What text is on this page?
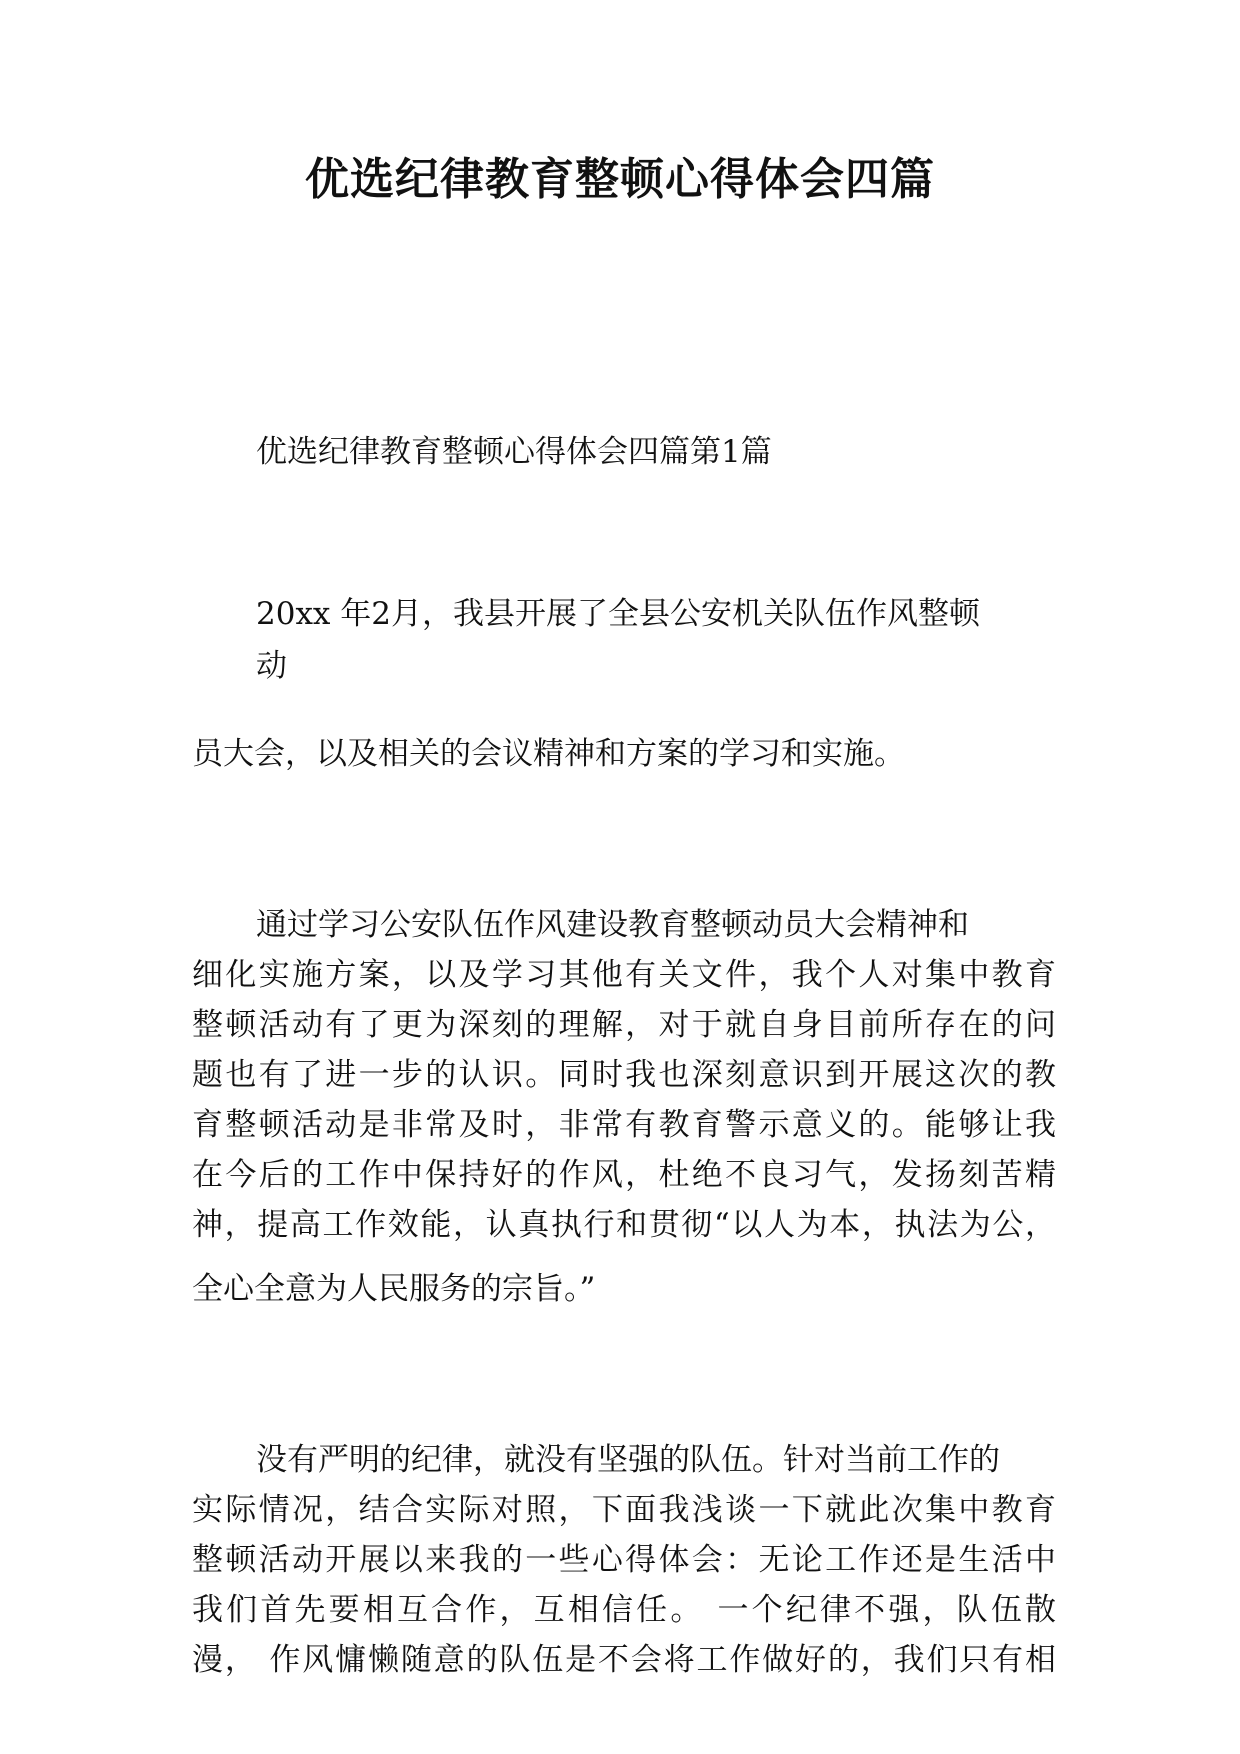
优选纪律教育整顿心得体会四篇

优选纪律教育整顿心得体会四篇第1篇

20xx 年2月，我县开展了全县公安机关队伍作风整顿

动

员大会，以及相关的会议精神和方案的学习和实施。

通过学习公安队伍作风建设教育整顿动员大会精神和

细化实施方案，以及学习其他有关文件，我个人对集中教育

整顿活动有了更为深刻的理解，对于就自身目前所存在的问

题也有了进一步的认识。同时我也深刻意识到开展这次的教

育整顿活动是非常及时，非常有教育警示意义的。能够让我

在今后的工作中保持好的作风，杜绝不良习气，发扬刻苦精

神，提高工作效能，认真执行和贯彻“以人为本，执法为公，

全心全意为人民服务的宗旨。”

没有严明的纪律，就没有坚强的队伍。针对当前工作的

实际情况，结合实际对照，下面我浅谈一下就此次集中教育

整顿活动开展以来我的一些心得体会：无论工作还是生活中

我们首先要相互合作，互相信任。 一个纪律不强，队伍散

漫， 作风慵懒随意的队伍是不会将工作做好的，我们只有相
